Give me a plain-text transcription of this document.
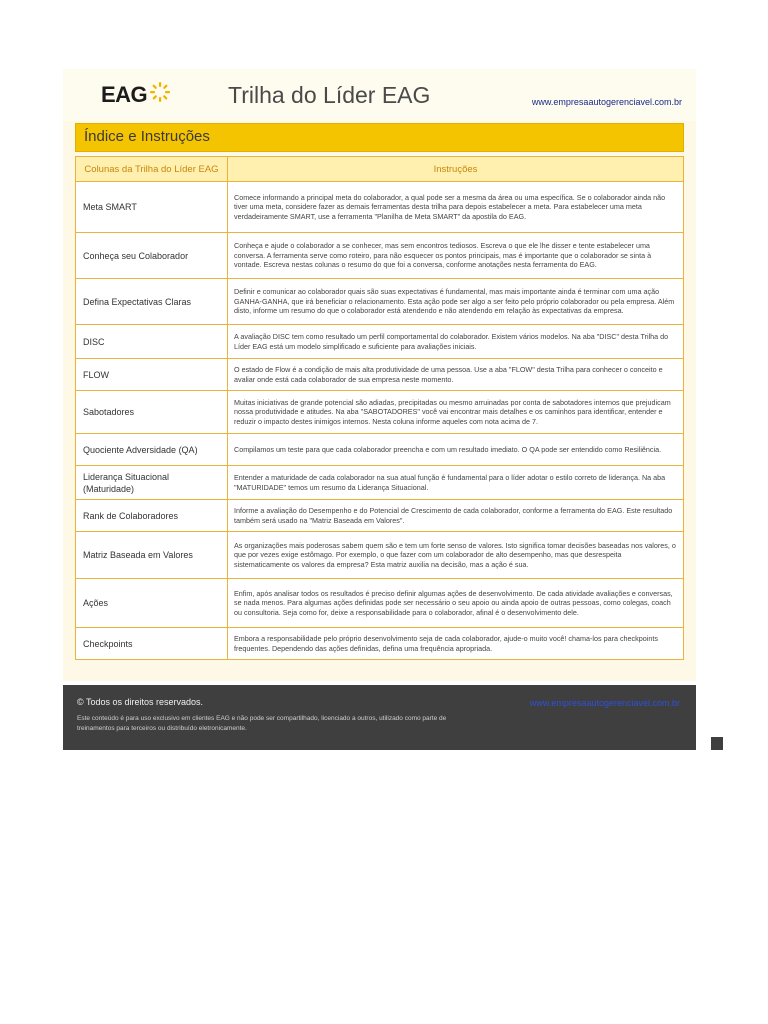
EAG	Trilha do Líder EAG	www.empresaautogerenciavel.com.br
Índice e Instruções
Colunas da Trilha do Líder EAG	Instruções
Meta SMART	Comece informando a principal meta do colaborador, a qual pode ser a mesma da área ou uma específica. Se o colaborador ainda não tiver uma meta, considere fazer as demais ferramentas desta trilha para depois estabelecer a meta. Para estabelecer uma meta verdadeiramente SMART, use a ferramenta "Planilha de Meta SMART" da apostila do EAG.
Conheça seu Colaborador	Conheça e ajude o colaborador a se conhecer, mas sem encontros tediosos. Escreva o que ele lhe disser e tente estabelecer uma conversa. A ferramenta serve como roteiro, para não esquecer os pontos principais, mas é importante que o colaborador se sinta à vontade. Escreva nestas colunas o resumo do que foi a conversa, conforme anotações nesta ferramenta do EAG.
Defina Expectativas Claras	Definir e comunicar ao colaborador quais são suas expectativas é fundamental, mas mais importante ainda é terminar com uma ação GANHA-GANHA, que irá beneficiar o relacionamento. Esta ação pode ser algo a ser feito pelo próprio colaborador ou pela empresa. Além disto, informe um resumo do que o colaborador está atendendo e não atendendo em relação às expectativas da empresa.
DISC	A avaliação DISC tem como resultado um perfil comportamental do colaborador. Existem vários modelos. Na aba "DISC" desta Trilha do Líder EAG está um modelo simplificado e suficiente para avaliações iniciais.
FLOW	O estado de Flow é a condição de mais alta produtividade de uma pessoa. Use a aba "FLOW" desta Trilha para conhecer o conceito e avaliar onde está cada colaborador de sua empresa neste momento.
Sabotadores	Muitas iniciativas de grande potencial são adiadas, precipitadas ou mesmo arruinadas por conta de sabotadores internos que prejudicam nossa produtividade e atitudes. Na aba "SABOTADORES" você vai encontrar mais detalhes e os caminhos para identificar, entender e reduzir o impacto destes inimigos internos. Nesta coluna informe aqueles com nota acima de 7.
Quociente Adversidade (QA)	Compilamos um teste para que cada colaborador preencha e com um resultado imediato. O QA pode ser entendido como Resiliência.
Liderança Situacional (Maturidade)	Entender a maturidade de cada colaborador na sua atual função é fundamental para o líder adotar o estilo correto de liderança. Na aba "MATURIDADE" temos um resumo da Liderança Situacional.
Rank de Colaboradores	Informe a avaliação do Desempenho e do Potencial de Crescimento de cada colaborador, conforme a ferramenta do EAG. Este resultado também será usado na "Matriz Baseada em Valores".
Matriz Baseada em Valores	As organizações mais poderosas sabem quem são e tem um forte senso de valores. Isto significa tomar decisões baseadas nos valores, o que por vezes exige estômago. Por exemplo, o que fazer com um colaborador de alto desempenho, mas que desrespeita sistematicamente os valores da empresa? Esta matriz auxilia na decisão, mas a ação é sua.
Ações	Enfim, após analisar todos os resultados é preciso definir algumas ações de desenvolvimento. De cada atividade avaliações e conversas, se nada menos. Para algumas ações definidas pode ser necessário o seu apoio ou ainda apoio de outras pessoas, como colegas, coach ou consultoria. Seja como for, deixe a responsabilidade para o colaborador, afinal é o desenvolvimento dele.
Checkpoints	Embora a responsabilidade pelo próprio desenvolvimento seja de cada colaborador, ajude-o muito você! chama-los para checkpoints frequentes. Dependendo das ações definidas, defina uma frequência apropriada.
© Todos os direitos reservados.	www.empresaautogerenciavel.com.br
Este conteúdo é para uso exclusivo em clientes EAG e não pode ser compartilhado, licenciado a outros, utilizado como parte de treinamentos para terceiros ou distribuído eletronicamente.
